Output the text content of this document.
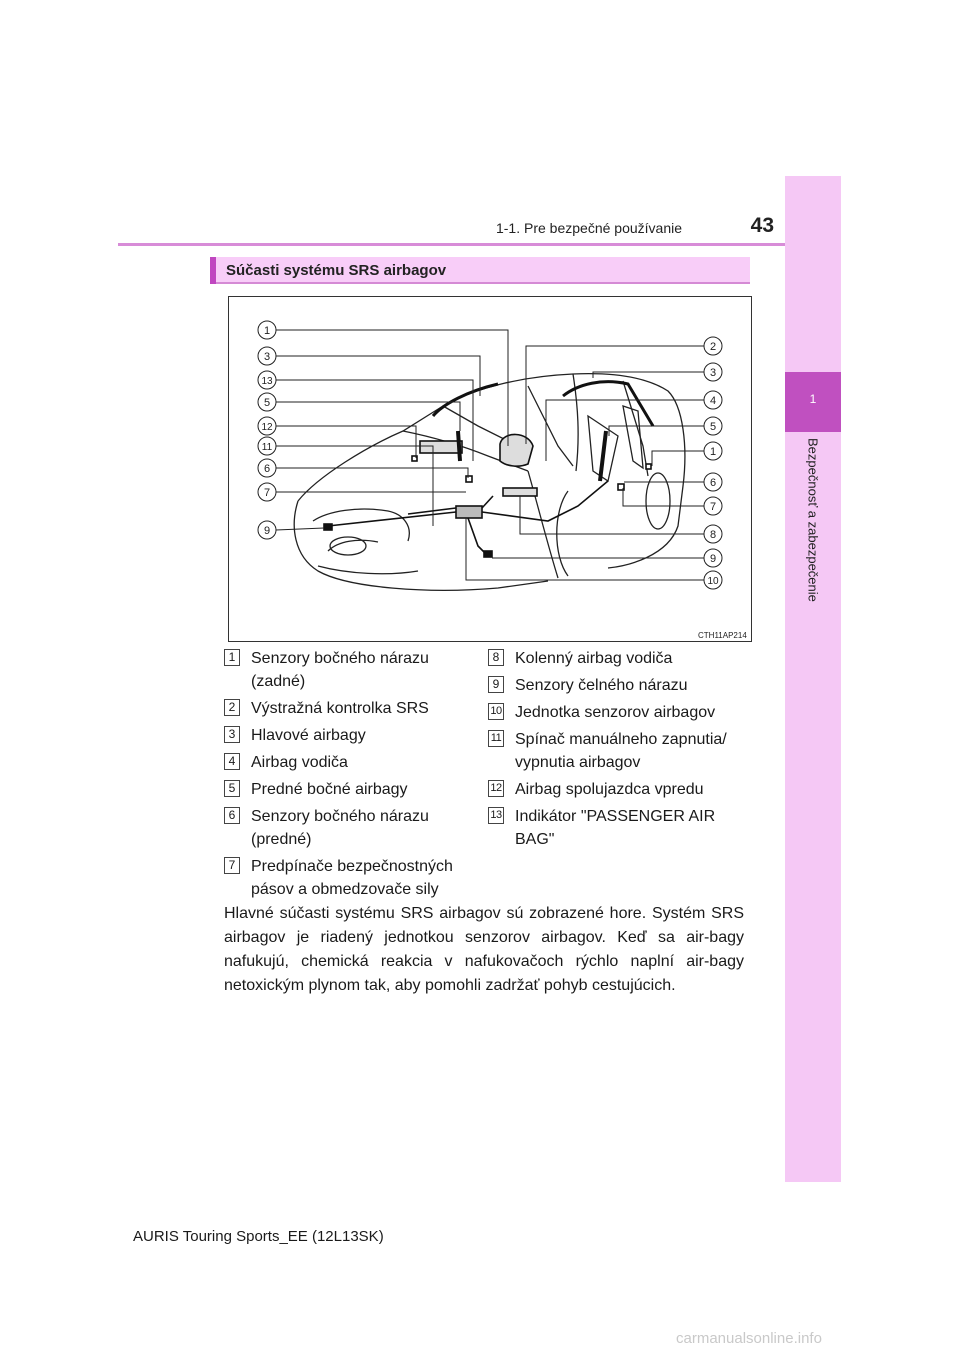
1
Bezpečnosť a zabezpečenie
1-1. Pre bezpečné používanie	43
Súčasti systému SRS airbagov
1
3
13
5
12
11
6
7
9
2
3
4
5
1
6
7
8
9
10
CTH11AP214
1 Senzory bočného nárazu (zadné)
2 Výstražná kontrolka SRS
3 Hlavové airbagy
4 Airbag vodiča
5 Predné bočné airbagy
6 Senzory bočného nárazu (predné)
7 Predpínače bezpečnostných pásov a obmedzovače sily
8 Kolenný airbag vodiča
9 Senzory čelného nárazu
10 Jednotka senzorov airbagov
11 Spínač manuálneho zapnutia/ vypnutia airbagov
12 Airbag spolujazdca vpredu
13 Indikátor "PASSENGER AIR BAG"
Hlavné súčasti systému SRS airbagov sú zobrazené hore. Systém SRS airbagov je riadený jednotkou senzorov airbagov. Keď sa air-bagy nafukujú, chemická reakcia v nafukovačoch rýchlo naplní air-bagy netoxickým plynom tak, aby pomohli zadržať pohyb cestujúcich.
AURIS Touring Sports_EE (12L13SK)
carmanualsonline.info
